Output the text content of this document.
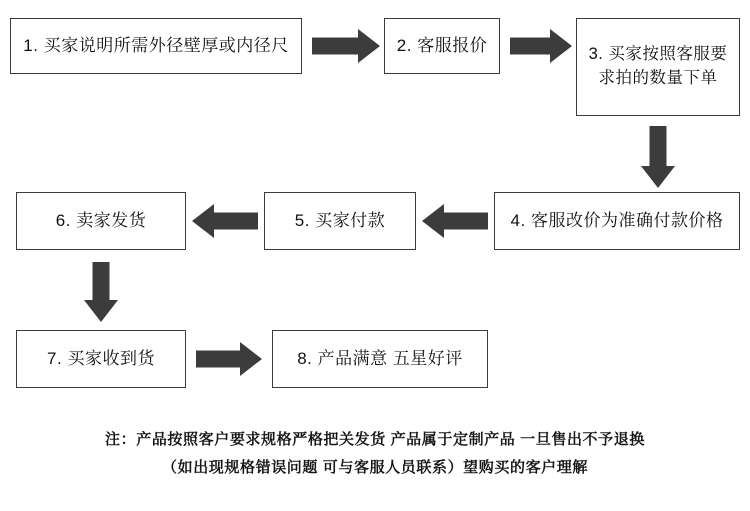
1. 买家说明所需外径壁厚或内径尺	2. 客服报价	3. 买家按照客服要求拍的数量下单
4. 客服改价为准确付款价格
5. 买家付款
6. 卖家发货
7. 买家收到货	8. 产品满意 五星好评
注：产品按照客户要求规格严格把关发货 产品属于定制产品 一旦售出不予退换
（如出现规格错误问题 可与客服人员联系）望购买的客户理解
